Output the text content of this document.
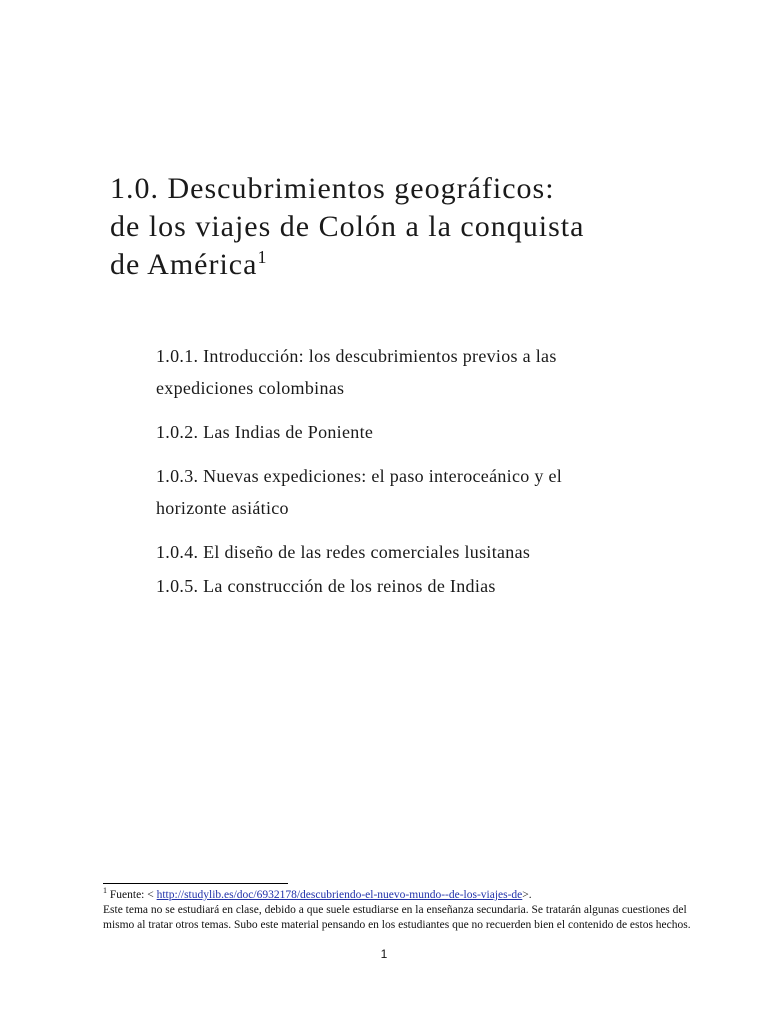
1.0. Descubrimientos geográficos:
de los viajes de Colón a la conquista
de América$^1$
1.0.1. Introducción: los descubrimientos previos a las
expediciones colombinas
1.0.2. Las Indias de Poniente
1.0.3. Nuevas expediciones: el paso interoceánico y el
horizonte asiático
1.0.4. El diseño de las redes comerciales lusitanas
1.0.5. La construcción de los reinos de Indias
$^1$ Fuente: < http://studylib.es/doc/6932178/descubriendo-el-nuevo-mundo--de-los-viajes-de>.
Este tema no se estudiará en clase, debido a que suele estudiarse en la enseñanza secundaria. Se tratarán algunas cuestiones del mismo al tratar otros temas. Subo este material pensando en los estudiantes que no recuerden bien el contenido de estos hechos.
1
